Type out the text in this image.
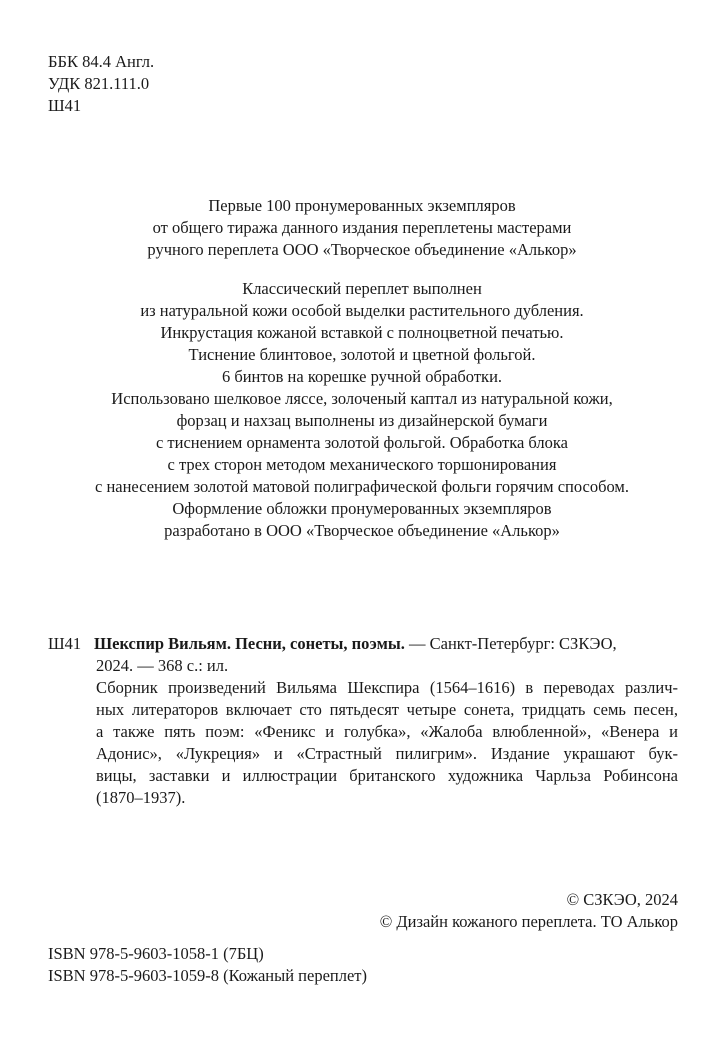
ББК 84.4 Англ.
УДК 821.111.0
Ш41
Первые 100 пронумерованных экземпляров
от общего тиража данного издания переплетены мастерами
ручного переплета ООО «Творческое объединение «Алькор»
Классический переплет выполнен
из натуральной кожи особой выделки растительного дубления.
Инкрустация кожаной вставкой с полноцветной печатью.
Тиснение блинтовое, золотой и цветной фольгой.
6 бинтов на корешке ручной обработки.
Использовано шелковое ляссе, золоченый каптал из натуральной кожи,
форзац и нахзац выполнены из дизайнерской бумаги
с тиснением орнамента золотой фольгой. Обработка блока
с трех сторон методом механического торшонирования
с нанесением золотой матовой полиграфической фольги горячим способом.
Оформление обложки пронумерованных экземпляров
разработано в ООО «Творческое объединение «Алькор»
Ш41 Шекспир Вильям. Песни, сонеты, поэмы. — Санкт-Петербург: СЗКЭО,
2024. — 368 с.: ил.
Сборник произведений Вильяма Шекспира (1564–1616) в переводах различ-
ных литераторов включает сто пятьдесят четыре сонета, тридцать семь песен,
а также пять поэм: «Феникс и голубка», «Жалоба влюбленной», «Венера и
Адонис», «Лукреция» и «Страстный пилигрим». Издание украшают бук-
вицы, заставки и иллюстрации британского художника Чарльза Робинсона
(1870–1937).
© СЗКЭО, 2024
© Дизайн кожаного переплета. ТО Алькор
ISBN 978-5-9603-1058-1 (7БЦ)
ISBN 978-5-9603-1059-8 (Кожаный переплет)
